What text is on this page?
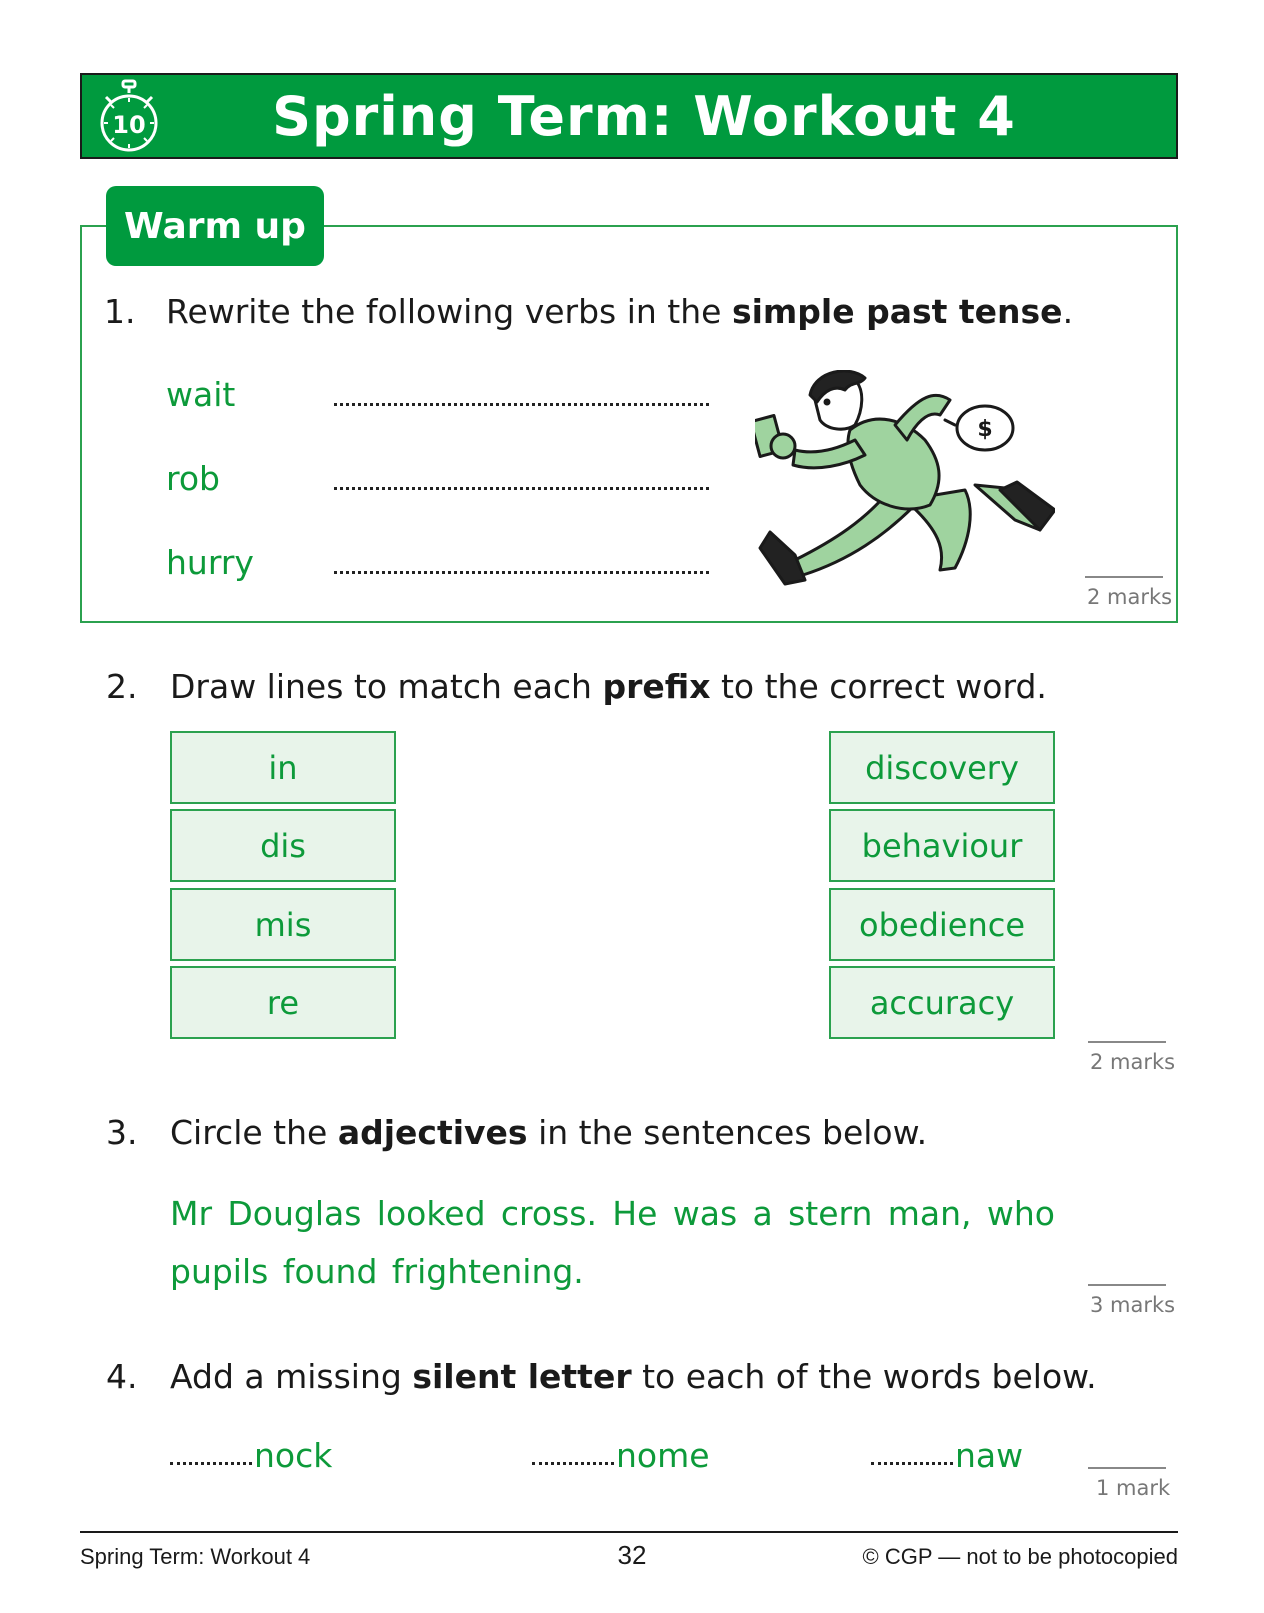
10	Spring Term: Workout 4
Warm up
1. Rewrite the following verbs in the simple past tense.
wait
rob
hurry
$
2 marks
2. Draw lines to match each prefix to the correct word.
in
dis
mis
re
discovery
behaviour
obedience
accuracy
2 marks
3. Circle the adjectives in the sentences below.
Mr Douglas looked cross. He was a stern man, who pupils found frightening.
3 marks
4. Add a missing silent letter to each of the words below.
nock	nome	naw
1 mark
Spring Term: Workout 4	32	© CGP — not to be photocopied
